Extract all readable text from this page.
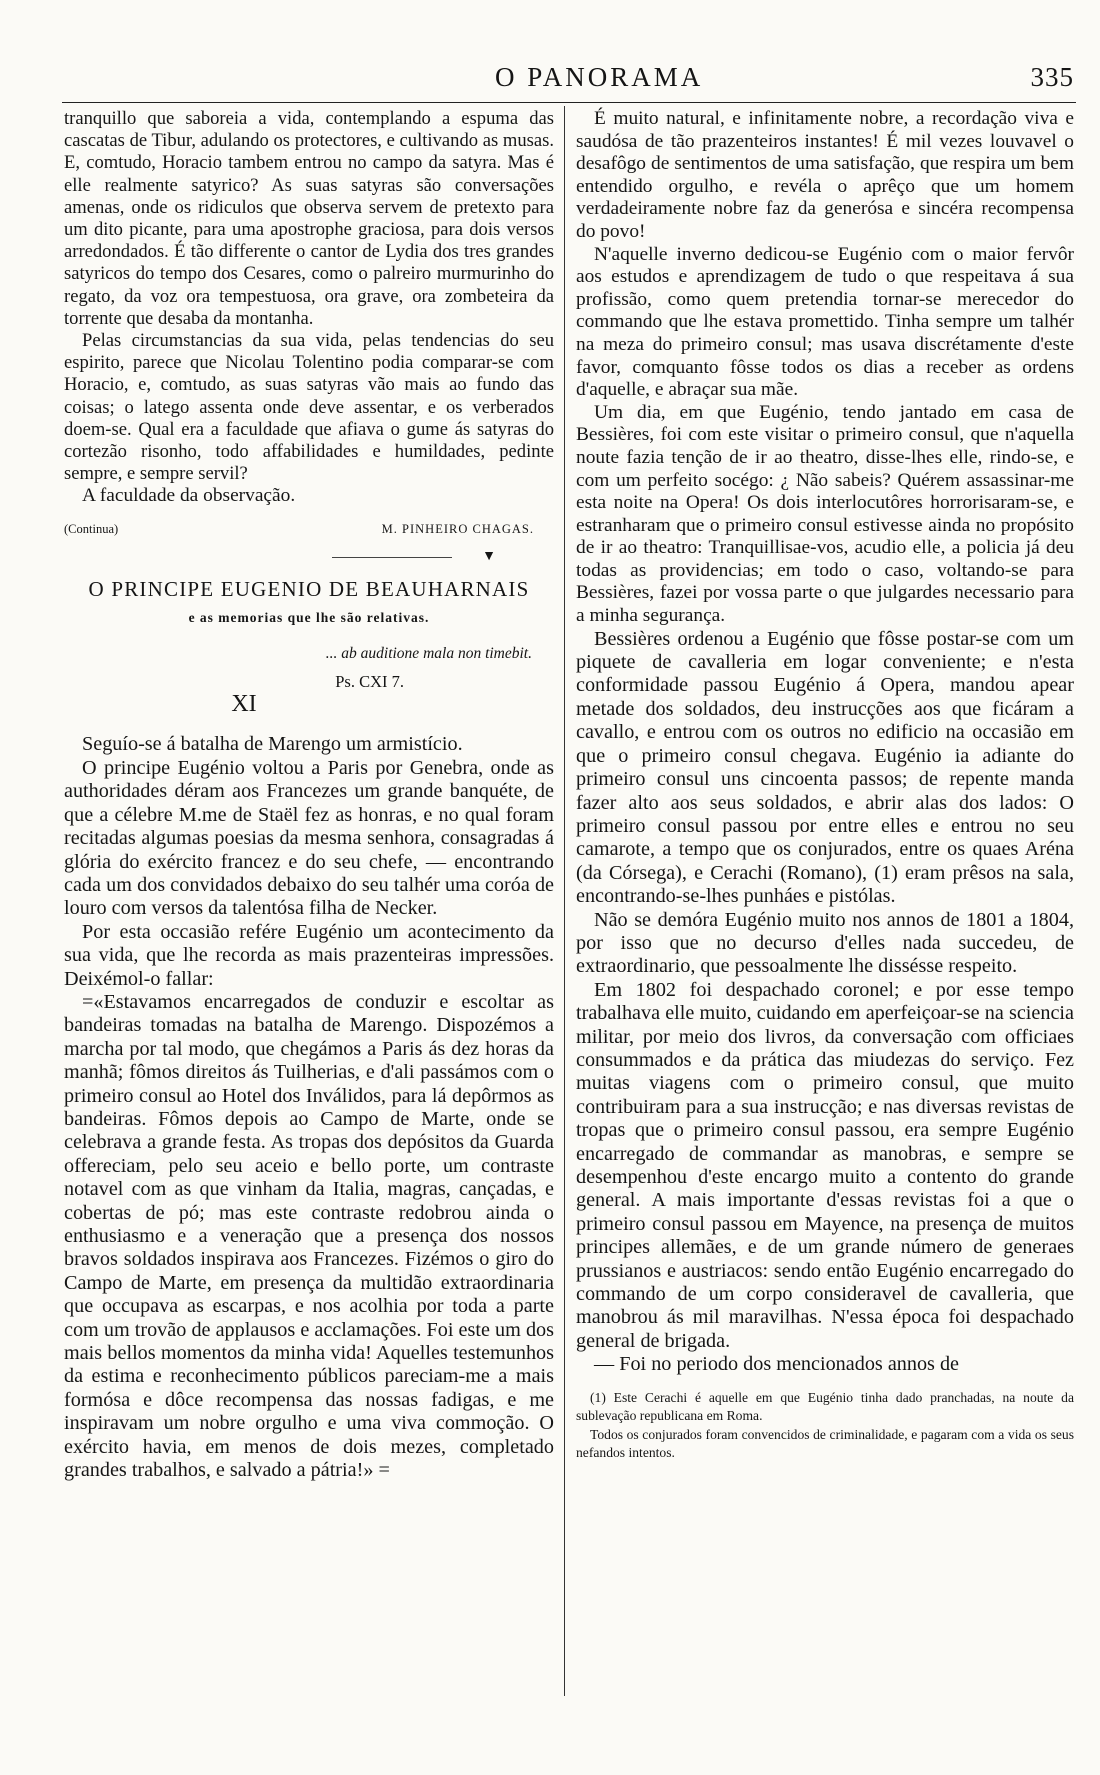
O PANORAMA	335

tranquillo que saboreia a vida, contemplando a espuma das cascatas de Tibur, adulando os protectores, e cultivando as musas. E, comtudo, Horacio tambem entrou no campo da satyra. Mas é elle realmente satyrico? As suas satyras são conversações amenas, onde os ridiculos que observa servem de pretexto para um dito picante, para uma apostrophe graciosa, para dois versos arredondados. É tão differente o cantor de Lydia dos tres grandes satyricos do tempo dos Cesares, como o palreiro murmurinho do regato, da voz ora tempestuosa, ora grave, ora zombeteira da torrente que desaba da montanha.

Pelas circumstancias da sua vida, pelas tendencias do seu espirito, parece que Nicolau Tolentino podia comparar-se com Horacio, e, comtudo, as suas satyras vão mais ao fundo das coisas; o latego assenta onde deve assentar, e os verberados doem-se. Qual era a faculdade que afiava o gume ás satyras do cortezão risonho, todo affabilidades e humildades, pedinte sempre, e sempre servil?

A faculdade da observação.

(Continua)	M. PINHEIRO CHAGAS.
▼
O PRINCIPE EUGENIO DE BEAUHARNAIS
e as memorias que lhe são relativas.
... ab auditione mala non timebit.
Ps. CXI 7.
XI

Seguío-se á batalha de Marengo um armistício.

O principe Eugénio voltou a Paris por Genebra, onde as authoridades déram aos Francezes um grande banquéte, de que a célebre M.me de Staël fez as honras, e no qual foram recitadas algumas poesias da mesma senhora, consagradas á glória do exército francez e do seu chefe, — encontrando cada um dos convidados debaixo do seu talhér uma coróa de louro com versos da talentósa filha de Necker.

Por esta occasião refére Eugénio um acontecimento da sua vida, que lhe recorda as mais prazenteiras impressões. Deixémol-o fallar:

=«Estavamos encarregados de conduzir e escoltar as bandeiras tomadas na batalha de Marengo. Dispozémos a marcha por tal modo, que chegámos a Paris ás dez horas da manhã; fômos direitos ás Tuilherias, e d'ali passámos com o primeiro consul ao Hotel dos Inválidos, para lá depôrmos as bandeiras. Fômos depois ao Campo de Marte, onde se celebrava a grande festa. As tropas dos depósitos da Guarda offereciam, pelo seu aceio e bello porte, um contraste notavel com as que vinham da Italia, magras, cançadas, e cobertas de pó; mas este contraste redobrou ainda o enthusiasmo e a veneração que a presença dos nossos bravos soldados inspirava aos Francezes. Fizémos o giro do Campo de Marte, em presença da multidão extraordinaria que occupava as escarpas, e nos acolhia por toda a parte com um trovão de applausos e acclamações. Foi este um dos mais bellos momentos da minha vida! Aquelles testemunhos da estima e reconhecimento públicos pareciam-me a mais formósa e dôce recompensa das nossas fadigas, e me inspiravam um nobre orgulho e uma viva commoção. O exército havia, em menos de dois mezes, completado grandes trabalhos, e salvado a pátria!» =

É muito natural, e infinitamente nobre, a recordação viva e saudósa de tão prazenteiros instantes! É mil vezes louvavel o desafôgo de sentimentos de uma satisfação, que respira um bem entendido orgulho, e revéla o aprêço que um homem verdadeiramente nobre faz da generósa e sincéra recompensa do povo!

N'aquelle inverno dedicou-se Eugénio com o maior fervôr aos estudos e aprendizagem de tudo o que respeitava á sua profissão, como quem pretendia tornar-se merecedor do commando que lhe estava promettido. Tinha sempre um talhér na meza do primeiro consul; mas usava discrétamente d'este favor, comquanto fôsse todos os dias a receber as ordens d'aquelle, e abraçar sua mãe.

Um dia, em que Eugénio, tendo jantado em casa de Bessières, foi com este visitar o primeiro consul, que n'aquella noute fazia tenção de ir ao theatro, disse-lhes elle, rindo-se, e com um perfeito socégo: ¿ Não sabeis? Quérem assassinar-me esta noite na Opera! Os dois interlocutôres horrorisaram-se, e estranharam que o primeiro consul estivesse ainda no propósito de ir ao theatro: Tranquillisae-vos, acudio elle, a policia já deu todas as providencias; em todo o caso, voltando-se para Bessières, fazei por vossa parte o que julgardes necessario para a minha segurança.

Bessières ordenou a Eugénio que fôsse postar-se com um piquete de cavalleria em logar conveniente; e n'esta conformidade passou Eugénio á Opera, mandou apear metade dos soldados, deu instrucções aos que ficáram a cavallo, e entrou com os outros no edificio na occasião em que o primeiro consul chegava. Eugénio ia adiante do primeiro consul uns cincoenta passos; de repente manda fazer alto aos seus soldados, e abrir alas dos lados: O primeiro consul passou por entre elles e entrou no seu camarote, a tempo que os conjurados, entre os quaes Aréna (da Córsega), e Cerachi (Romano), (1) eram prêsos na sala, encontrando-se-lhes punháes e pistólas.

Não se demóra Eugénio muito nos annos de 1801 a 1804, por isso que no decurso d'elles nada succedeu, de extraordinario, que pessoalmente lhe dissésse respeito.

Em 1802 foi despachado coronel; e por esse tempo trabalhava elle muito, cuidando em aperfeiçoar-se na sciencia militar, por meio dos livros, da conversação com officiaes consummados e da prática das miudezas do serviço. Fez muitas viagens com o primeiro consul, que muito contribuiram para a sua instrucção; e nas diversas revistas de tropas que o primeiro consul passou, era sempre Eugénio encarregado de commandar as manobras, e sempre se desempenhou d'este encargo muito a contento do grande general. A mais importante d'essas revistas foi a que o primeiro consul passou em Mayence, na presença de muitos principes allemães, e de um grande número de generaes prussianos e austriacos: sendo então Eugénio encarregado do commando de um corpo consideravel de cavalleria, que manobrou ás mil maravilhas. N'essa época foi despachado general de brigada.

— Foi no periodo dos mencionados annos de

(1) Este Cerachi é aquelle em que Eugénio tinha dado pranchadas, na noute da sublevação republicana em Roma.

Todos os conjurados foram convencidos de criminalidade, e pagaram com a vida os seus nefandos intentos.
